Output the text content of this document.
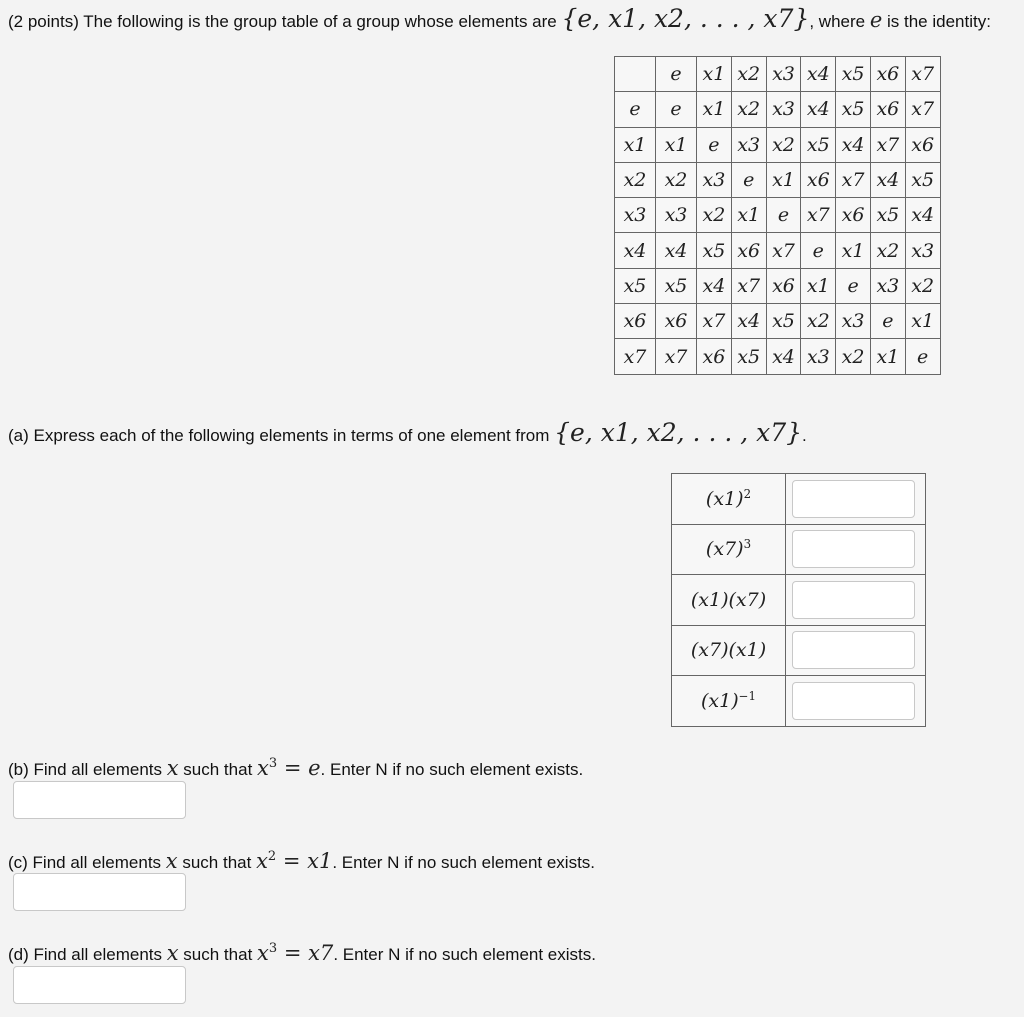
(2 points) The following is the group table of a group whose elements are {e, x1, x2, . . . , x7}, where e is the identity:
	e	x1	x2	x3	x4	x5	x6	x7
e	e	x1	x2	x3	x4	x5	x6	x7
x1	x1	e	x3	x2	x5	x4	x7	x6
x2	x2	x3	e	x1	x6	x7	x4	x5
x3	x3	x2	x1	e	x7	x6	x5	x4
x4	x4	x5	x6	x7	e	x1	x2	x3
x5	x5	x4	x7	x6	x1	e	x3	x2
x6	x6	x7	x4	x5	x2	x3	e	x1
x7	x7	x6	x5	x4	x3	x2	x1	e
(a) Express each of the following elements in terms of one element from {e, x1, x2, . . . , x7}.
$(x1)^2$	

$(x7)^3$	

(x1)(x7)	

(x7)(x1)	

$(x1)^{-1}$	
(b) Find all elements x such that $x^3 = e$. Enter N if no such element exists.
(c) Find all elements x such that $x^2 = x1$. Enter N if no such element exists.
(d) Find all elements x such that $x^3 = x7$. Enter N if no such element exists.
